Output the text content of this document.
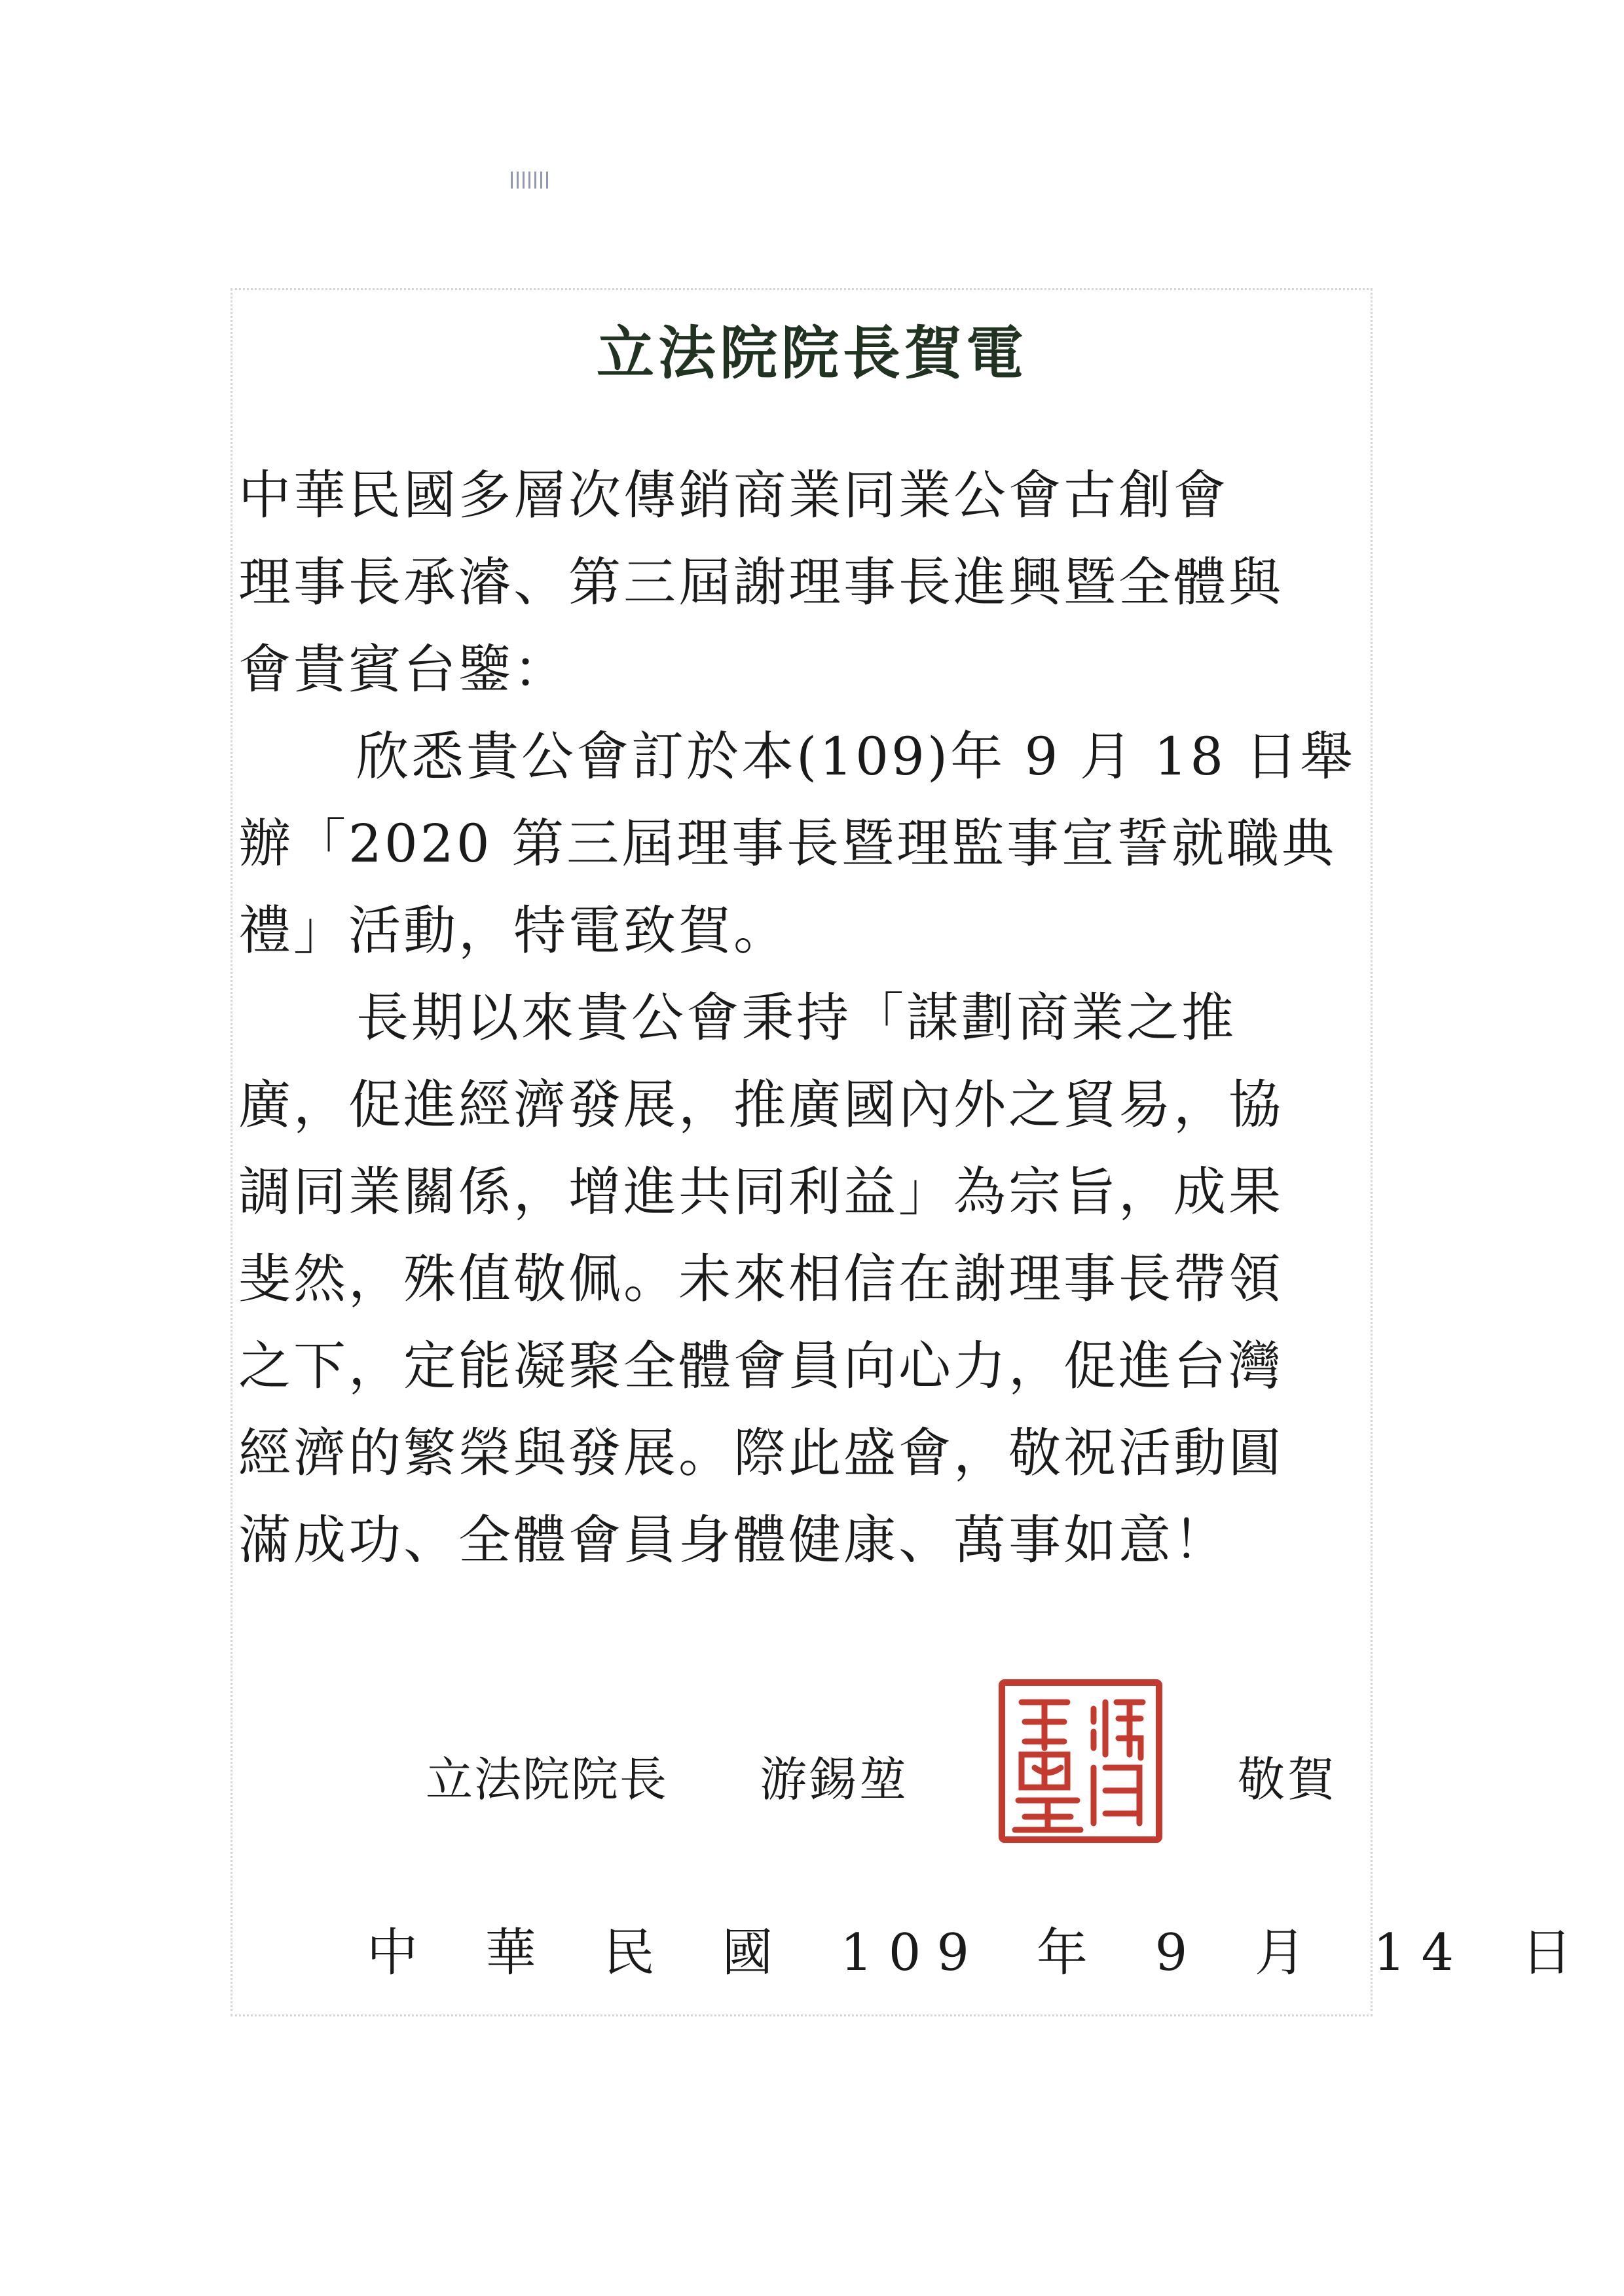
立法院院長賀電
中華民國多層次傳銷商業同業公會古創會
理事長承濬、第三屆謝理事長進興暨全體與
會貴賓台鑒：
欣悉貴公會訂於本(109)年 9 月 18 日舉
辦「2020 第三屆理事長暨理監事宣誓就職典
禮」活動，特電致賀。
長期以來貴公會秉持「謀劃商業之推
廣，促進經濟發展，推廣國內外之貿易，協
調同業關係，增進共同利益」為宗旨，成果
斐然，殊值敬佩。未來相信在謝理事長帶領
之下，定能凝聚全體會員向心力，促進台灣
經濟的繁榮與發展。際此盛會，敬祝活動圓
滿成功、全體會員身體健康、萬事如意！
立法院院長 游錫堃	敬賀
中 華 民 國 109 年 9 月 14 日
